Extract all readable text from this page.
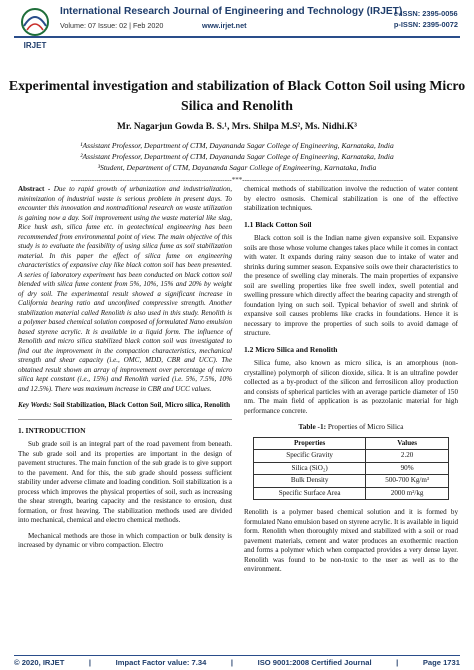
IRJET
International Research Journal of Engineering and Technology (IRJET)
Volume: 07 Issue: 02 | Feb 2020	www.irjet.net
e-ISSN: 2395-0056
p-ISSN: 2395-0072
Experimental investigation and stabilization of Black Cotton Soil using Micro Silica and Renolith
Mr. Nagarjun Gowda B. S.¹, Mrs. Shilpa M.S², Ms. Nidhi.K³
¹Assistant Professor, Department of CTM, Dayananda Sagar College of Engineering, Karnataka, India
²Assistant Professor, Department of CTM, Dayananda Sagar College of Engineering, Karnataka, India
³Student, Department of CTM, Dayananda Sagar College of Engineering, Karnataka, India
---------------------------------------------------------------------***---------------------------------------------------------------------

Abstract - Due to rapid growth of urbanization and industrialization, minimization of industrial waste is serious problem in present days. To encounter this innovation and nontraditional research on waste utilization is gaining now a day. Soil improvement using the waste material like slag, Rice husk ash, silica fume etc. in geotechnical engineering has been recommended from environmental point of view. The main objective of this study is to evaluate the feasibility of using silica fume as soil stabilization material. In this paper the effect of silica fume on engineering characteristics of expansive clay like black cotton soil has been presented. A series of laboratory experiment has been conducted on black cotton soil blended with silica fume content from 5%, 10%, 15% and 20% by weight of dry soil. The experimental result showed a significant increase in California bearing ratio and unconfined compressive strength. Another stabilization material called Renolith is also used in this study. Renolith is a polymer based chemical solution composed of formulated Nano emulsion based styrene acrylic. It is available in a liquid form. The influence of Renolith and micro silica stabilized black cotton soil was investigated to find out the improvement in the compaction characteristics, mechanical strength and shear capacity (i.e., OMC, MDD, CBR and UCC). The obtained result shown an array of improvement over percentage of micro silica kept constant (i.e., 15%) and Renolith varied (i.e. 5%, 7.5%, 10% and 12.5%). There was maximum increase in CBR and UCC values.

Key Words: Soil Stabilization, Black Cotton Soil, Micro silica, Renolith

1. INTRODUCTION

Sub grade soil is an integral part of the road pavement from beneath. The sub grade soil and its properties are important in the design of pavement structures. The main function of the sub grade is to give support to the pavement. And for this, the sub grade should possess sufficient stability under adverse climate and loading condition. Soil stabilization is a process which improves the physical properties of soil, such as increasing the shear strength, bearing capacity and the resistance to erosion, dust formation, or frost heaving. The stabilization methods used are divided into mechanical, chemical and electro chemical methods.

Mechanical methods are those in which compaction or bulk density is increased by dynamic or vibro compaction. Electro

chemical methods of stabilization involve the reduction of water content by electro osmosis. Chemical stabilization is one of the effective stabilization techniques.

1.1 Black Cotton Soil

Black cotton soil is the Indian name given expansive soil. Expansive soils are those whose volume changes takes place while it comes in contact with water. It expands during rainy season due to intake of water and shrinks during summer season. Expansive soils owe their characteristics to the presence of swelling clay minerals. The main properties of expansive soil are swelling properties like free swell index, swell potential and swelling pressure which directly affect the bearing capacity and strength of foundation lying on such soil. Typical behavior of swell and shrink of expansive soil causes problems like cracks in foundations. Hence it is necessary to improve the properties of such soils to avoid damage of structure.

1.2 Micro Silica and Renolith

Silica fume, also known as micro silica, is an amorphous (non-crystalline) polymorph of silicon dioxide, silica. It is an ultrafine powder collected as a by-product of the silicon and ferrosilicon alloy production and consists of spherical particles with an average particle diameter of 150 nm. The main field of application is as pozzolanic material for high performance concrete.

Table -1: Properties of Micro Silica
Properties	Values
Specific Gravity	2.20
Silica (SiO₂)	90%
Bulk Density	500-700 Kg/m³
Specific Surface Area	2000 m²/kg

Renolith is a polymer based chemical solution and it is formed by formulated Nano emulsion based on styrene acrylic. It is available in liquid form. Renolith when thoroughly mixed and stabilized with a soil or road pavement materials, cement and water produces an exothermic reaction and forms a polymer which when compacted provides a very dense layer. Renolith was found to be non-toxic to the user as well as to the environment.

© 2020, IRJET	|	Impact Factor value: 7.34	|	ISO 9001:2008 Certified Journal	|	Page 1731
